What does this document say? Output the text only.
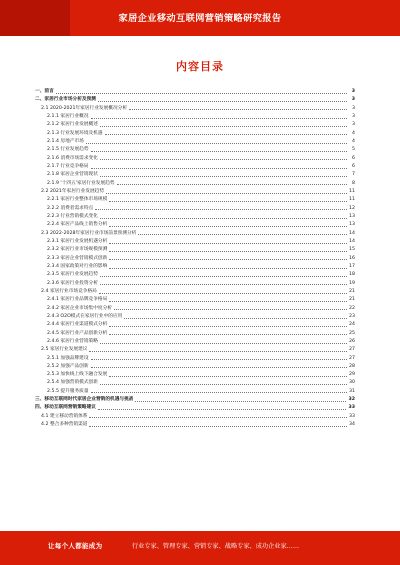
家居企业移动互联网营销策略研究报告
内容目录
一、前言	3
二、家居行业市场分析及预测	3
2.1 2020-2021年家居行业发展概况分析	3
2.1.1 家居行业概况	3
2.1.2 家居行业发展概述	3
2.1.3 行业发展环境及机遇	4
2.1.4 房地产市场	4
2.1.5 行业发展趋势	5
2.1.6 消费市场需求变化	6
2.1.7 行业竞争格局	6
2.1.8 家居企业营销现状	7
2.1.9 '十四五'家居行业发展趋势	8
2.2 2021年家居行业发展趋势	11
2.2.1 家居行业整体市场规模	11
2.2.2 消费者需求特点	12
2.2.3 行业营销模式变化	13
2.2.4 家居产品线上销售分析	13
2.3 2022-2028年家居行业市场前景预测分析	14
2.3.1 家居行业发展机遇分析	14
2.3.2 家居行业市场规模预测	15
2.3.3 家居企业营销模式创新	16
2.3.4 国家政策对行业的影响	17
2.3.5 家居行业发展趋势	18
2.3.6 家居行业投资分析	19
2.4 家居行业市场竞争格局	21
2.4.1 家居行业品牌竞争格局	21
2.4.2 家居企业市场集中度分析	22
2.4.3 O2O模式在家居行业中的应用	23
2.4.4 家居行业渠道模式分析	24
2.4.5 家居行业产品创新分析	25
2.4.6 家居行业营销策略	26
2.5 家居行业发展建议	27
2.5.1 加强品牌建设	27
2.5.2 加强产品创新	28
2.5.3 加快线上线下融合发展	29
2.5.4 加强营销模式创新	30
2.5.5 提升服务质量	31
三、移动互联网时代家居企业营销的机遇与挑战	32
四、移动互联网营销策略建议	33
4.1 建立移动营销体系	33
4.2 整合多种营销渠道	34
让每个人都能成为	行业专家、管理专家、营销专家、战略专家、成功企业家……
